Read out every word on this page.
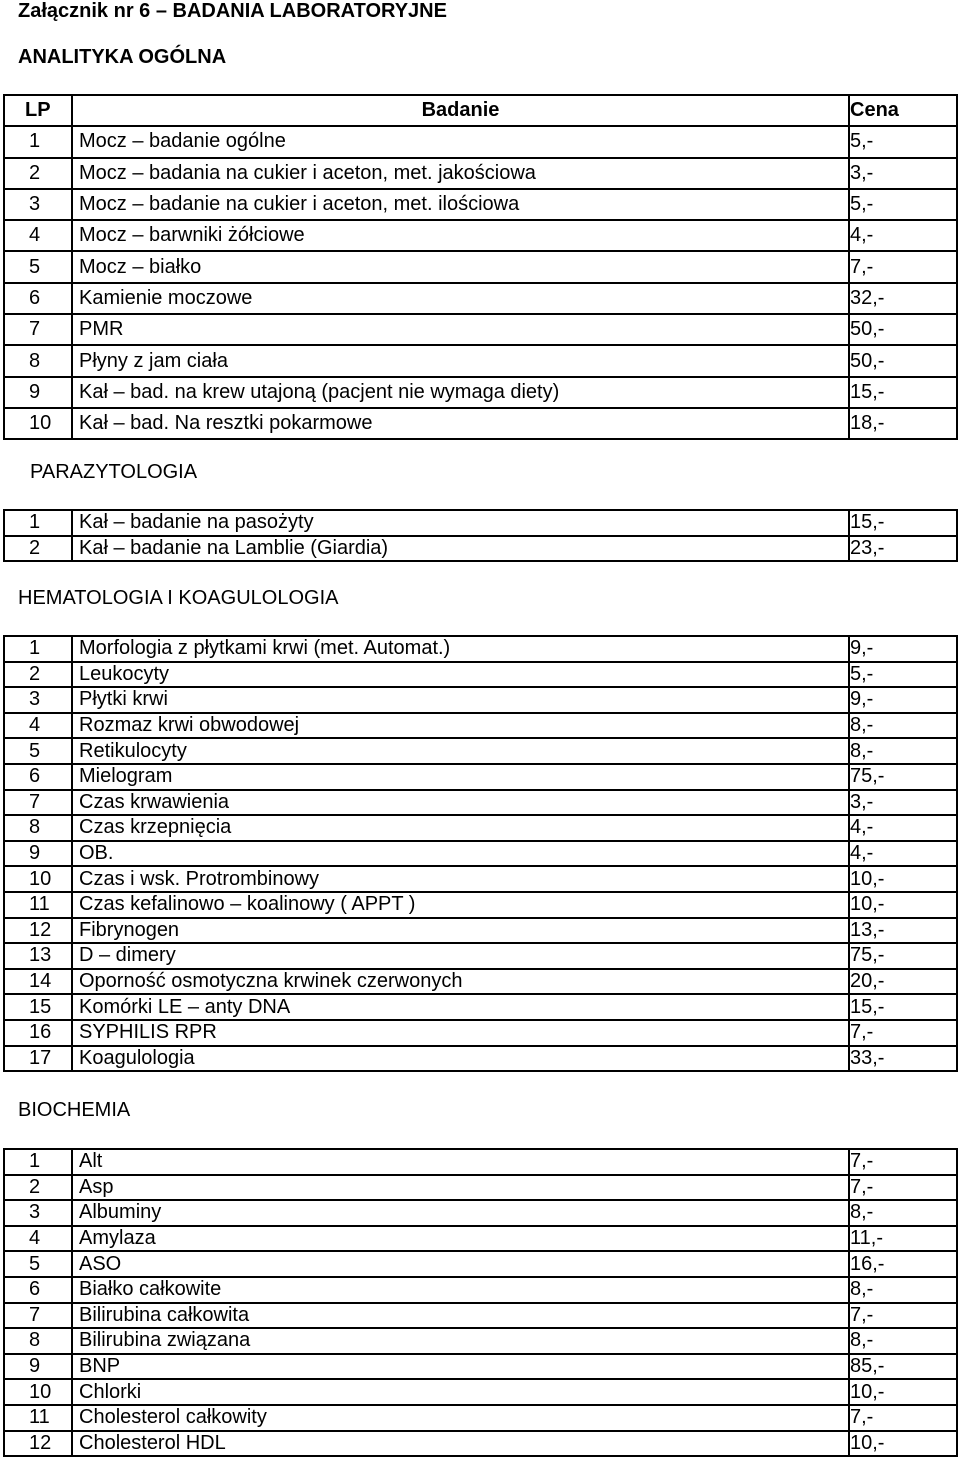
Załącznik nr 6 – BADANIA LABORATORYJNE
ANALITYKA OGÓLNA
LP	Badanie	Cena
1	Mocz – badanie ogólne	5,-
2	Mocz – badania na cukier i aceton, met. jakościowa	3,-
3	Mocz – badanie na cukier i aceton, met. ilościowa	5,-
4	Mocz – barwniki żółciowe	4,-
5	Mocz – białko	7,-
6	Kamienie moczowe	32,-
7	PMR	50,-
8	Płyny z jam ciała	50,-
9	Kał – bad. na krew utajoną (pacjent nie wymaga diety)	15,-
10	Kał – bad. Na resztki pokarmowe	18,-
PARAZYTOLOGIA
1	Kał – badanie na pasożyty	15,-
2	Kał – badanie na Lamblie (Giardia)	23,-
HEMATOLOGIA I KOAGULOLOGIA
1	Morfologia z płytkami krwi (met. Automat.)	9,-
2	Leukocyty	5,-
3	Płytki krwi	9,-
4	Rozmaz krwi obwodowej	8,-
5	Retikulocyty	8,-
6	Mielogram	75,-
7	Czas krwawienia	3,-
8	Czas krzepnięcia	4,-
9	OB.	4,-
10	Czas i wsk. Protrombinowy	10,-
11	Czas kefalinowo – koalinowy ( APPT )	10,-
12	Fibrynogen	13,-
13	D – dimery	75,-
14	Oporność osmotyczna krwinek czerwonych	20,-
15	Komórki LE – anty DNA	15,-
16	SYPHILIS RPR	7,-
17	Koagulologia	33,-
BIOCHEMIA
1	Alt	7,-
2	Asp	7,-
3	Albuminy	8,-
4	Amylaza	11,-
5	ASO	16,-
6	Białko całkowite	8,-
7	Bilirubina całkowita	7,-
8	Bilirubina związana	8,-
9	BNP	85,-
10	Chlorki	10,-
11	Cholesterol całkowity	7,-
12	Cholesterol HDL	10,-
